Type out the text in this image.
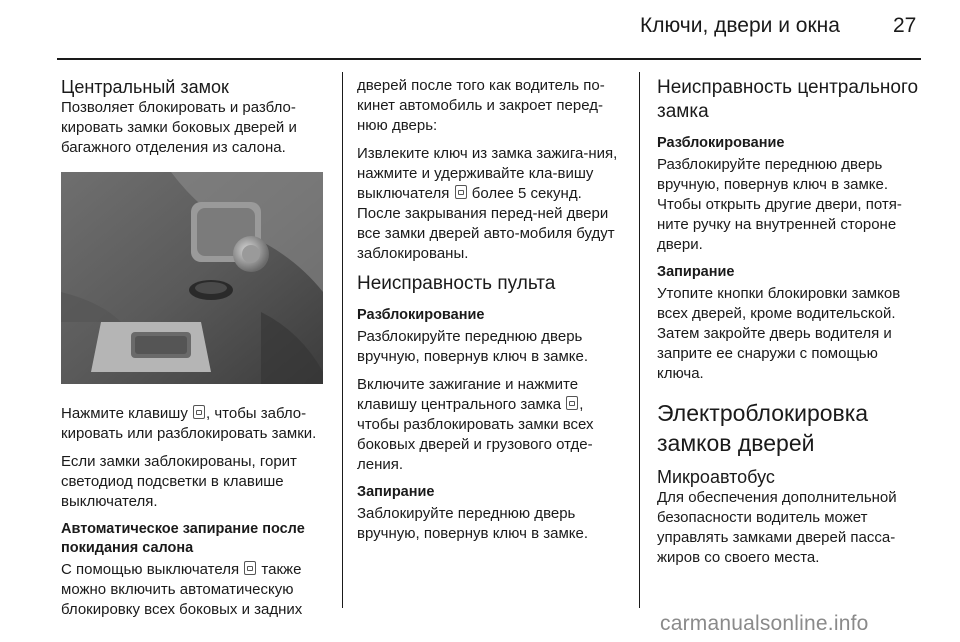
Ключи, двери и окна	27
Центральный замок

Позволяет блокировать и разбло-кировать замки боковых дверей и багажного отделения из салона.

Нажмите клавишу , чтобы забло-кировать или разблокировать замки.

Если замки заблокированы, горит светодиод подсветки в клавише выключателя.

Автоматическое запирание после покидания салона

С помощью выключателя  также можно включить автоматическую блокировку всех боковых и задних

дверей после того как водитель по-кинет автомобиль и закроет перед-нюю дверь:

Извлеките ключ из замка зажига-ния, нажмите и удерживайте кла-вишу выключателя  более 5 секунд. После закрывания перед-ней двери все замки дверей авто-мобиля будут заблокированы.

Неисправность пульта
Разблокирование

Разблокируйте переднюю дверь вручную, повернув ключ в замке.

Включите зажигание и нажмите клавишу центрального замка , чтобы разблокировать замки всех боковых дверей и грузового отде-ления.

Запирание

Заблокируйте переднюю дверь вручную, повернув ключ в замке.

Неисправность центрального замка
Разблокирование

Разблокируйте переднюю дверь вручную, повернув ключ в замке. Чтобы открыть другие двери, потя-ните ручку на внутренней стороне двери.

Запирание

Утопите кнопки блокировки замков всех дверей, кроме водительской. Затем закройте дверь водителя и заприте ее снаружи с помощью ключа.

Электроблокировка замков дверей
Микроавтобус

Для обеспечения дополнительной безопасности водитель может управлять замками дверей пасса-жиров со своего места.

carmanualsonline.info
